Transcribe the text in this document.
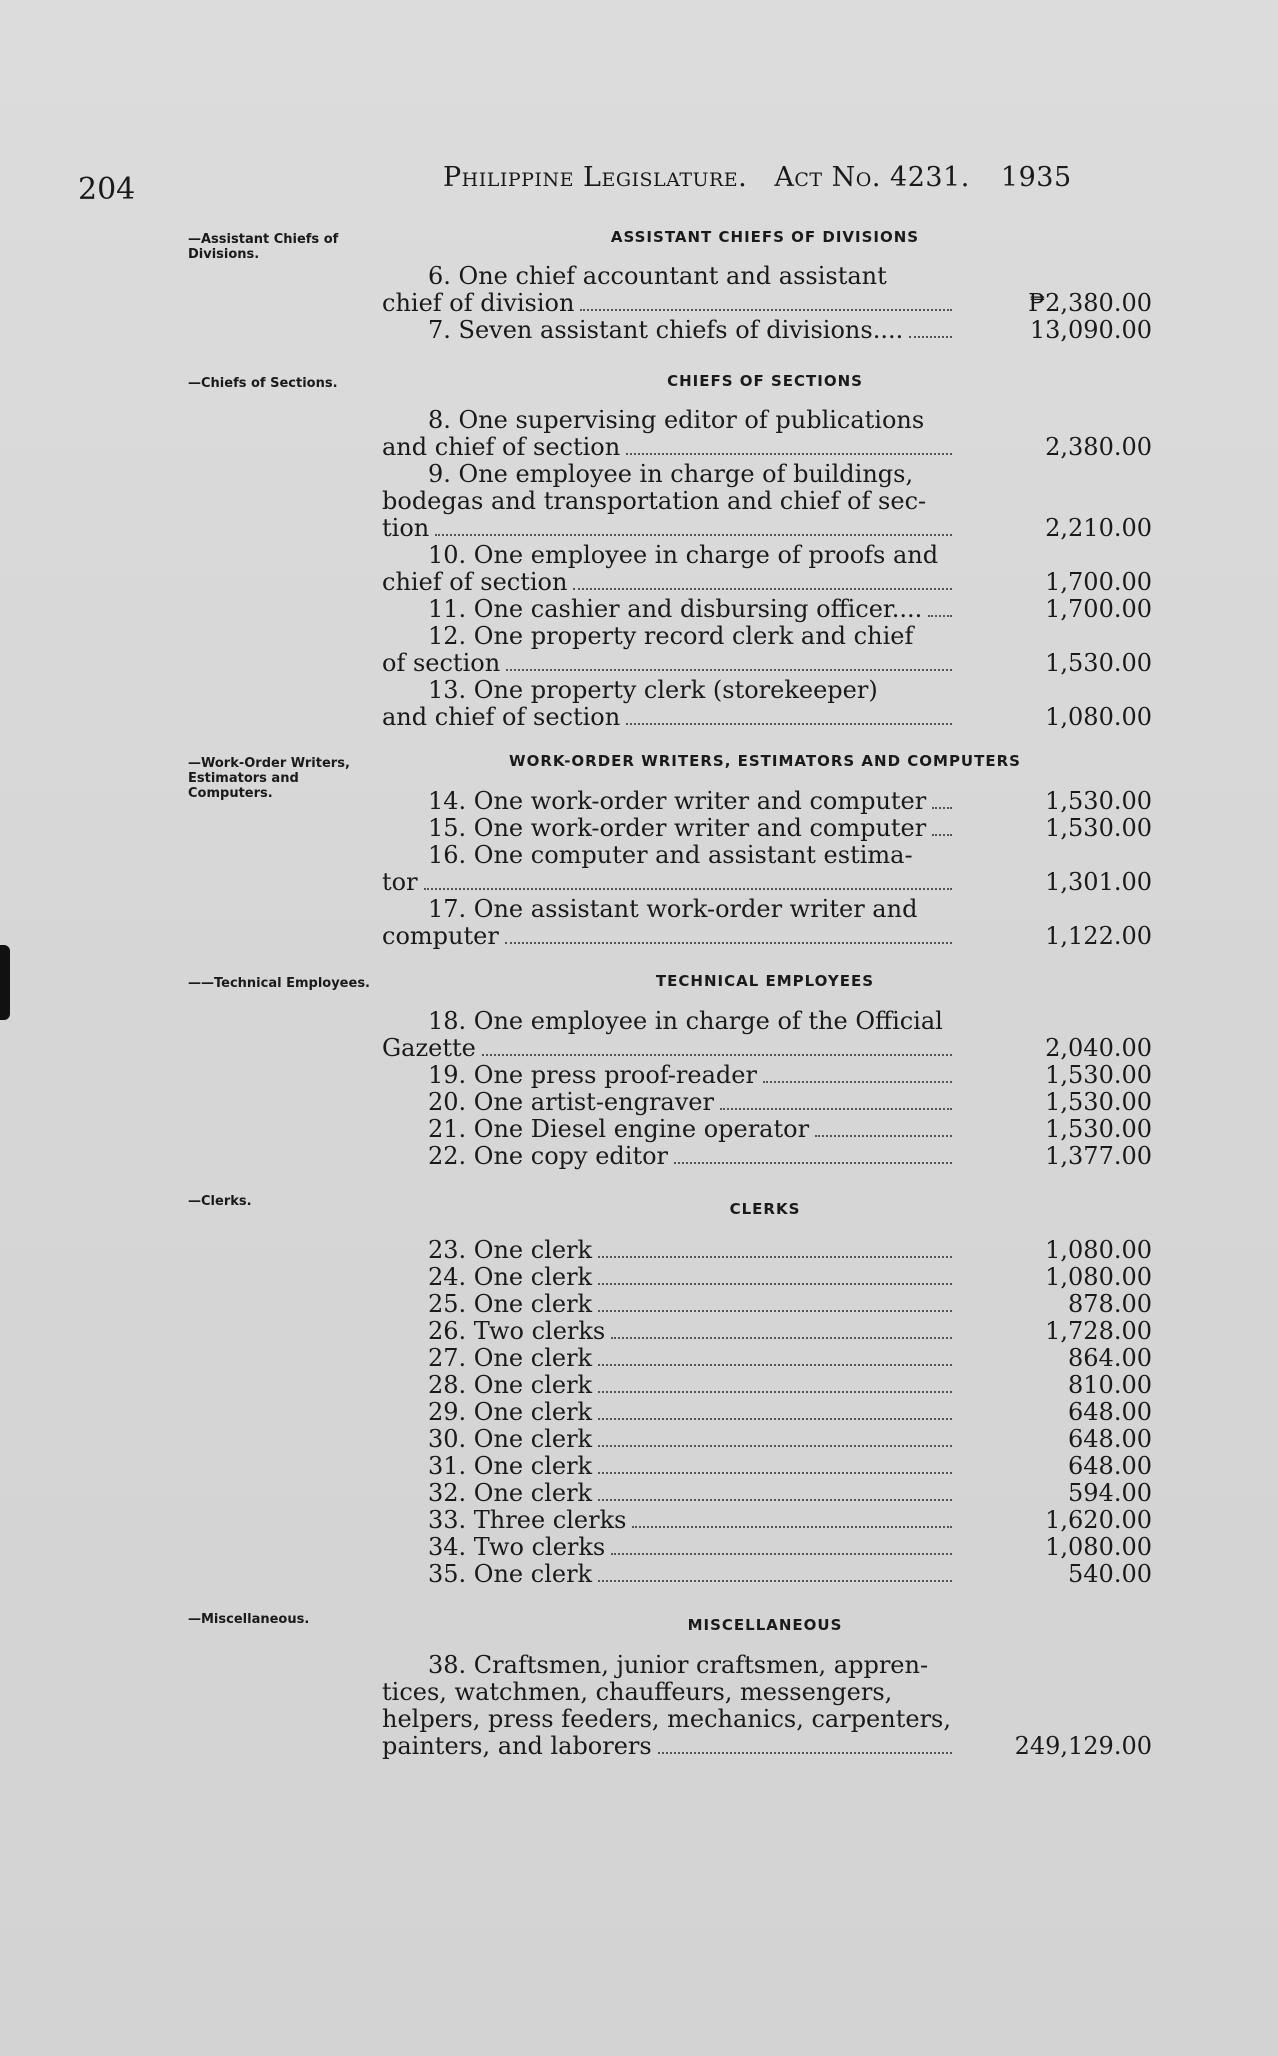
204	Philippine Legislature. Act No. 4231. 1935
—Assistant Chiefs of Divisions.
—Chiefs of Sections.
—Work-Order Writers, Estimators and Computers.
——Technical Employees.
—Clerks.
—Miscellaneous.
ASSISTANT CHIEFS OF DIVISIONS
6. One chief accountant and assistant
chief of division	₱2,380.00
7. Seven assistant chiefs of divisions....	13,090.00
CHIEFS OF SECTIONS
8. One supervising editor of publications
and chief of section	2,380.00
9. One employee in charge of buildings,
bodegas and transportation and chief of sec-
tion	2,210.00
10. One employee in charge of proofs and
chief of section	1,700.00
11. One cashier and disbursing officer....	1,700.00
12. One property record clerk and chief
of section	1,530.00
13. One property clerk (storekeeper)
and chief of section	1,080.00
WORK-ORDER WRITERS, ESTIMATORS AND COMPUTERS
14. One work-order writer and computer	1,530.00
15. One work-order writer and computer	1,530.00
16. One computer and assistant estima-
tor	1,301.00
17. One assistant work-order writer and
computer	1,122.00
TECHNICAL EMPLOYEES
18. One employee in charge of the Official
Gazette	2,040.00
19. One press proof-reader	1,530.00
20. One artist-engraver	1,530.00
21. One Diesel engine operator	1,530.00
22. One copy editor	1,377.00
CLERKS
23. One clerk	1,080.00
24. One clerk	1,080.00
25. One clerk	878.00
26. Two clerks	1,728.00
27. One clerk	864.00
28. One clerk	810.00
29. One clerk	648.00
30. One clerk	648.00
31. One clerk	648.00
32. One clerk	594.00
33. Three clerks	1,620.00
34. Two clerks	1,080.00
35. One clerk	540.00
MISCELLANEOUS
38. Craftsmen, junior craftsmen, appren-
tices, watchmen, chauffeurs, messengers,
helpers, press feeders, mechanics, carpenters,
painters, and laborers	249,129.00
